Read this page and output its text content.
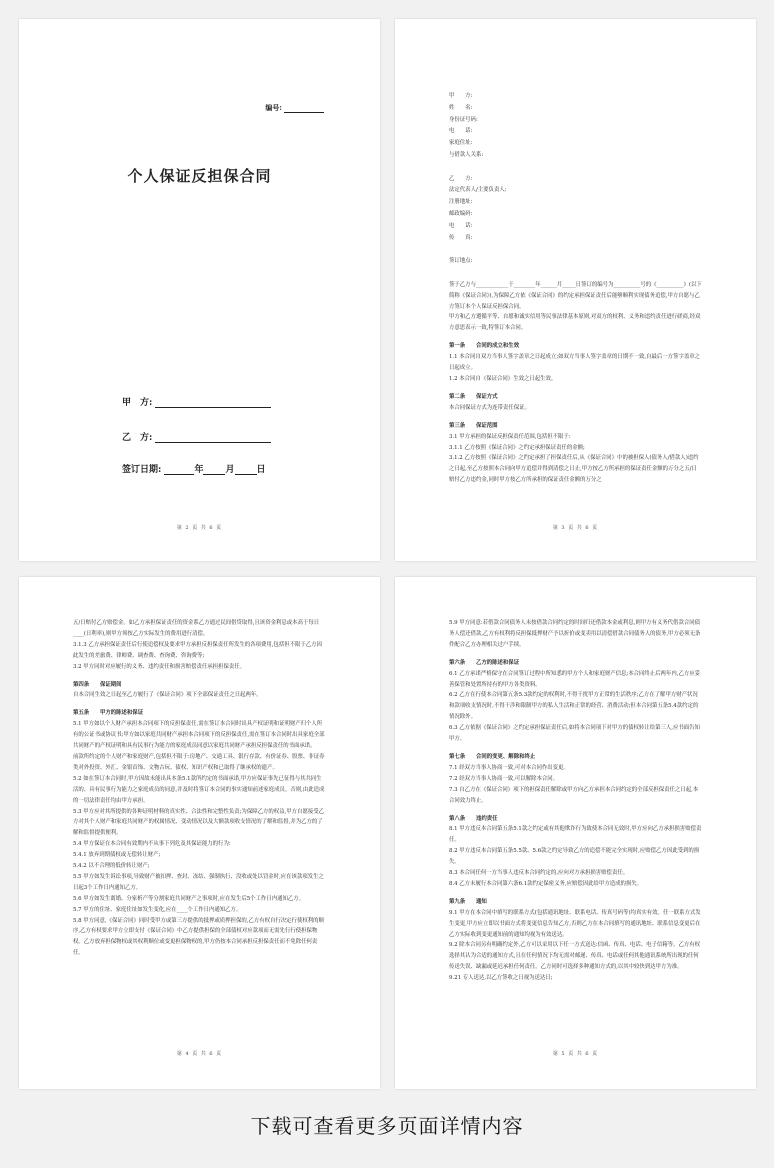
编号:
个人保证反担保合同
甲　方:
乙　方:
签订日期:	年 月 日
第 2 页 共 6 页

甲　　方:

姓　　名:

身份证号码:

电　　话:

家庭住址:

与借款人关系:

乙　　方:

法定代表人/主要负责人:

注册地址:

邮政编码:

电　　话:

传　　真:

签订地点:

签于乙方与____________于________年______月_____日签订的编号为__________号的《__________》(以下简称《保证合同》),为保障乙方依《保证合同》的约定承担保证责任后能够顺利实现债务追偿,甲方自愿与乙方签订本个人保证反担保合同。

甲方和乙方遵循平等、自愿和诚实信用等民事法律基本原则,对双方的权利、义务和违约责任进行磋商,经双方意思表示一致,特签订本合同。

第一条　　合同的成立和生效

1.1 本合同自双方当事人签字盖章之日起成立;如双方当事人签字盖章的日期不一致,自最后一方签字盖章之日起成立。

1.2 本合同自《保证合同》生效之日起生效。

第二条　　保证方式

本合同保证方式为连带责任保证。

第三条　　保证范围

3.1 甲方承担的保证反担保责任范围,包括但不限于:

3.1.1 乙方按照《保证合同》之约定承担保证责任的金额;

3.1.2 乙方按照《保证合同》之约定承担了担保责任后,从《保证合同》中的被担保人(债务人/借款人)违约之日起,至乙方按照本合同向甲方追偿并得到清偿之日止,甲方按乙方所承担的保证责任金额的万分之五/日赔付乙方违约金,同时甲方按乙方所承担的保证责任金额的万分之

第 3 页 共 6 页

五/日赔付乙方赔偿金。如乙方承担保证责任的资金系乙方通过民间借贷取得,且该资金利息或本高于每日____(日利率),则甲方须按乙方实际发生的费用进行清偿。

3.1.3 乙方承担保证责任后行使追偿权及要求甲方承担反担保责任所发生的各项费用,包括但不限于乙方因此发生的差旅费、律师费、调查费、查询费、咨询费等;

3.2 甲方同时对应履行的义务、违约责任和损害赔偿责任承担担保责任。

第四条　　保证期间

自本合同生效之日起至乙方履行了《保证合同》项下全部保证责任之日起两年。

第五条　　甲方的陈述和保证

5.1 甲方如以个人财产承担本合同项下的反担保责任,需在签订本合同时出具产权证明和证明财产归个人所有的公证书或协议书;甲方如以家庭共同财产承担本合同项下的反担保责任,需在签订本合同时出具家庭全部共同财产的产权证明和具有民事行为能力的家庭成员同意以家庭共同财产承担反担保责任的书面承诺。

前款所约定的个人财产和家庭财产,包括但不限于:房地产、交通工具、银行存款、有价证券、股票、非证券类对外投资、外汇、金银首饰、文物古玩、债权、知识产权和已取得了继承权的遗产。

5.2 如在签订本合同时,甲方因故未能出具本条5.1款所约定的书面承诺,甲方应保证事先已征得与其共同生活的、具有民事行为能力之家庭成员的同意,并及时将签订本合同的事实通知前述家庭成员。否则,由此造成的一切法律责任均由甲方承担。

5.3 甲方应对其所提供的各种证明材料的真实性、合法性和完整性负责;为保障乙方的权益,甲方自愿接受乙方对其个人财产和家庭共同财产的权属情况、变动情况以及大额款项收支情况的了解和监督,并为乙方的了解和监督提供便利。

5.4 甲方保证在本合同有效期内不从事下列危及其保证能力的行为:

5.4.1 放弃到期债权或无偿转让财产;

5.4.2 以不合理的低价转让财产;

5.5 甲方如发生诉讼事项,导致财产被扣押、查封、冻结、强制执行、没收或处以罚金时,应在该款项发生之日起3个工作日内通知乙方。

5.6 甲方如发生离婚、分家析产等分割家庭共同财产之事项时,应在发生后5个工作日内通知乙方。

5.7 甲方的住址、家庭住址如发生变化,应在____个工作日内通知乙方。

5.8 甲方同意,《保证合同》同时受甲方或第三方提供的抵押或质押担保的,乙方有权自行决定行使权利的顺序,乙方有权要求甲方立即支付《保证合同》中乙方提供担保的全部债权对应款项而无需先行行使担保物权。乙方放弃担保物权或其权利顺位或变更担保物权的,甲方仍按本合同承担反担保责任而不免除任何责任。

第 4 页 共 6 页

5.9 甲方同意:若借款合同债务人未按借款合同约定的时间归还借款本金或利息,则甲方有义务代借款合同债务人偿还借款,乙方有权利将反担保抵押财产予以折价或变卖用以清偿借款合同债务人的债务,甲方必须无条件配合乙方办理相关过户手续。

第六条　　乙方的陈述和保证

6.1 乙方承诺严格保守在合同签订过程中所知悉的甲方个人和家庭财产信息;本合同终止后两年内,乙方应妥善保管和处置所持有的甲方各类资料。

6.2 乙方在行使本合同第五条5.3款约定的权利时,不得干扰甲方正常的生活秩序;乙方在了解甲方财产状况和款项收支情况时,不得干涉和限制甲方的私人生活和正常的经营、消费活动;但本合同第五条5.4款约定的情况除外。

6.3 乙方依据《保证合同》之约定承担保证责任后,如将本合同项下对甲方的债权转让给第三人,应书面告知甲方。

第七条　　合同的变更、解除和终止

7.1 经双方当事人协商一致,可对本合同作出变更。

7.2 经双方当事人协商一致,可以解除本合同。

7.3 自乙方在《保证合同》项下的担保责任解除或甲方向乙方承担本合同约定的全部反担保责任之日起,本合同效力终止。

第八条　　违约责任

8.1 甲方违反本合同第五条5.1款之约定或有其他欺诈行为致使本合同无效时,甲方应向乙方承担损害赔偿责任。

8.2 甲方违反本合同第五条5.5款、5.6款之约定导致乙方的追偿不能完全实现时,应赔偿乙方因此受到的损失。

8.3 本合同任何一方当事人违反本合同约定的,应向对方承担损害赔偿责任。

8.4 乙方未履行本合同第六条6.1款约定保密义务,应赔偿因此给甲方造成的损失。

第九条　　通知

9.1 甲方在本合同中填写的联系方式(包括通讯地址、联系电话、传真号码等)均真实有效。任一联系方式发生变更,甲方应立即以书面方式将变更信息告知乙方,否则乙方在本合同填写的通讯地址、联系信息变更后在乙方实际收到变更通知前的通知均视为有效送达。

9.2 除本合同另有明确约定外,乙方可以采用以下任一方式送达:信函、传真、电话、电子信箱等。乙方有权选择其认为合适的通知方式,且在任何情况下均无需对邮递、传真、电话或任何其他通讯系统所出现的任何传送失误、缺漏或延迟承担任何责任。乙方同时可选择多种通知方式的,以其中较快到达甲方为准。

9.21 专人送达,以乙方签收之日视为送达日;

第 5 页 共 6 页
下载可查看更多页面详情内容
